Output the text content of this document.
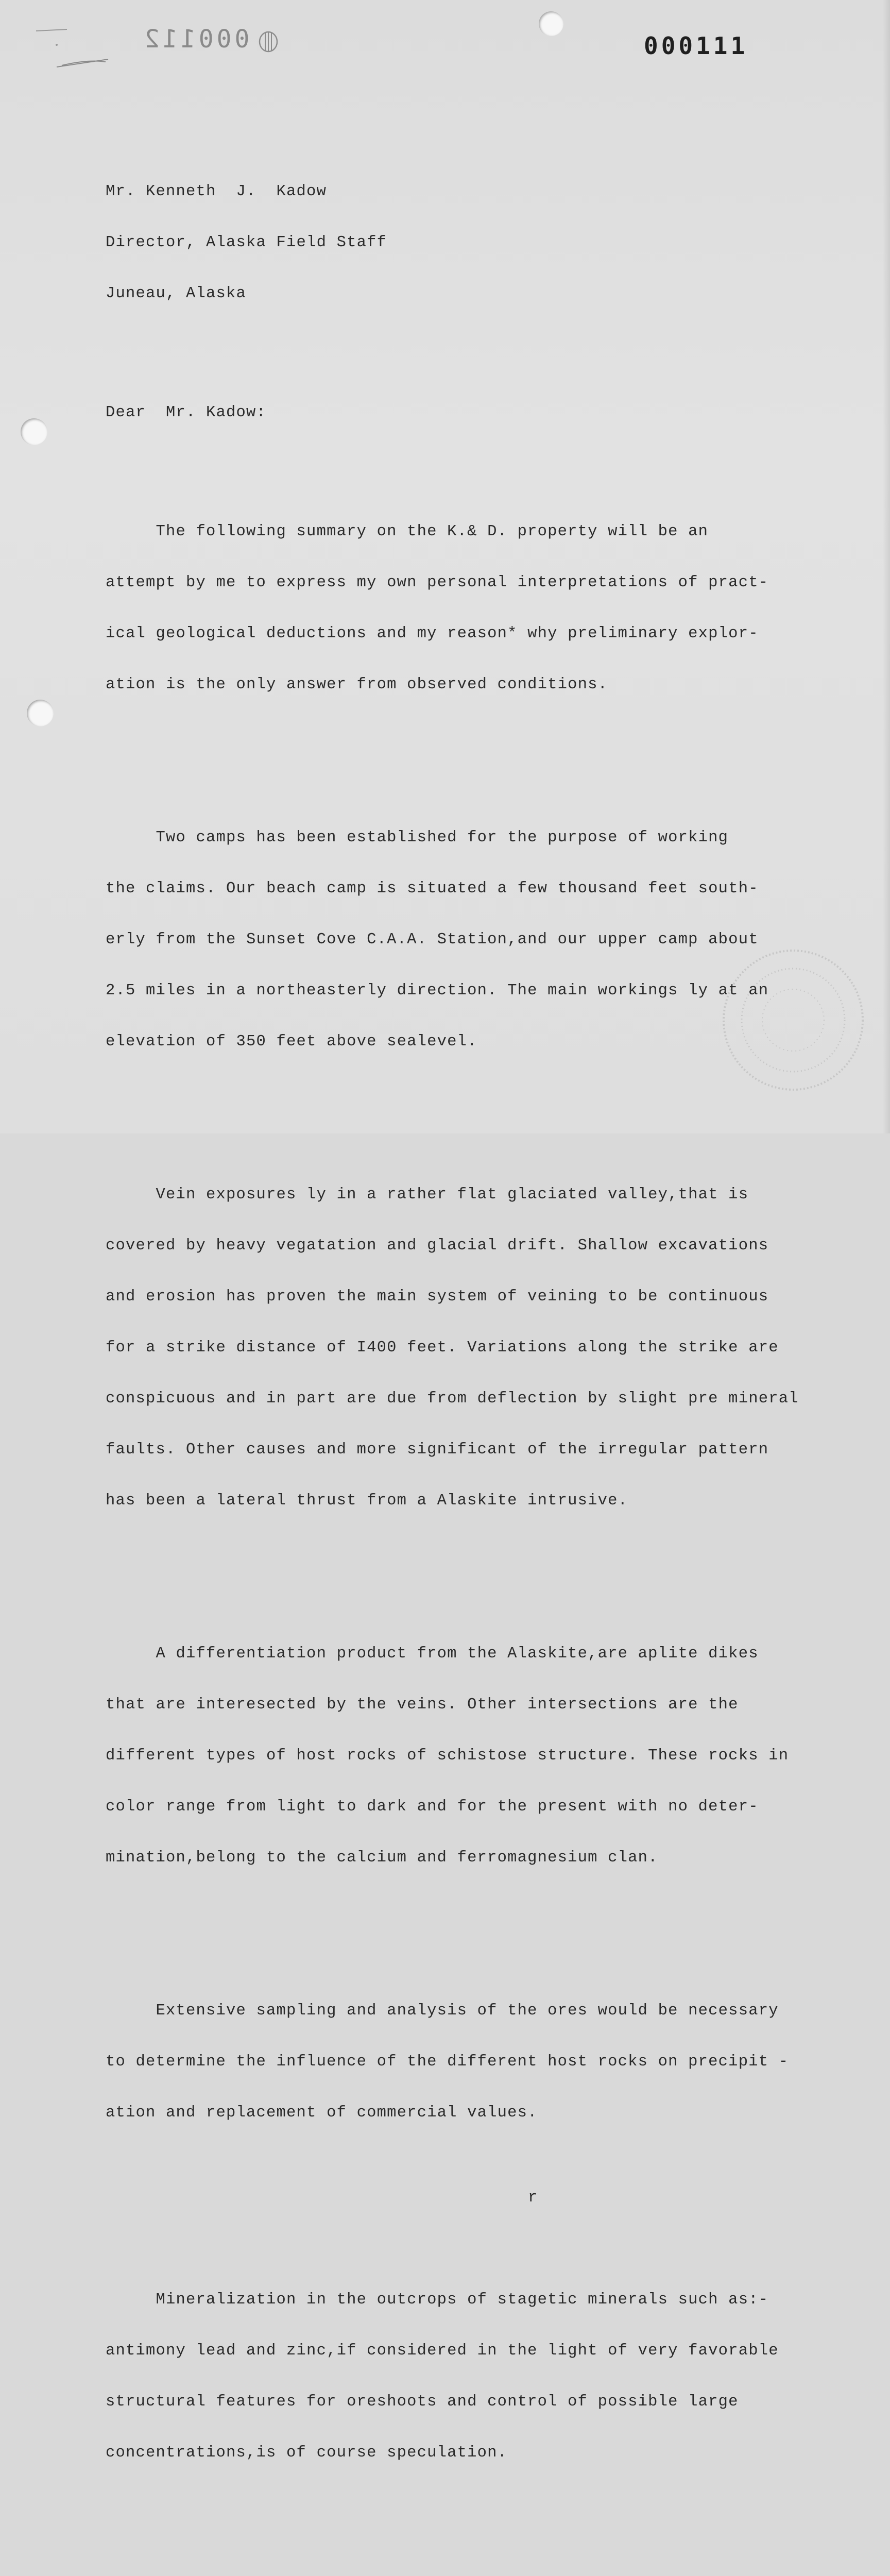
000112	000111

Mr. Kenneth  J.  Kadow

Director, Alaska Field Staff

Juneau, Alaska

Dear  Mr. Kadow:

The following summary on the K.& D. property will be an

attempt by me to express my own personal interpretations of pract-

ical geological deductions and my reason* why preliminary explor-

ation is the only answer from observed conditions.

Two camps has been established for the purpose of working

the claims. Our beach camp is situated a few thousand feet south-

erly from the Sunset Cove C.A.A. Station,and our upper camp about

2.5 miles in a northeasterly direction. The main workings ly at an

elevation of 350 feet above sealevel.

Vein exposures ly in a rather flat glaciated valley,that is

covered by heavy vegatation and glacial drift. Shallow excavations

and erosion has proven the main system of veining to be continuous

for a strike distance of I400 feet. Variations along the strike are

conspicuous and in part are due from deflection by slight pre mineral

faults. Other causes and more significant of the irregular pattern

has been a lateral thrust from a Alaskite intrusive.

A differentiation product from the Alaskite,are aplite dikes

that are interesected by the veins. Other intersections are the

different types of host rocks of schistose structure. These rocks in

color range from light to dark and for the present with no deter-

mination,belong to the calcium and ferromagnesium clan.

Extensive sampling and analysis of the ores would be necessary

to determine the influence of the different host rocks on precipit -

ation and replacement of commercial values.

r

Mineralization in the outcrops of stagetic minerals such as:-

antimony lead and zinc,if considered in the light of very favorable

structural features for oreshoots and control of possible large

concentrations,is of course speculation.
